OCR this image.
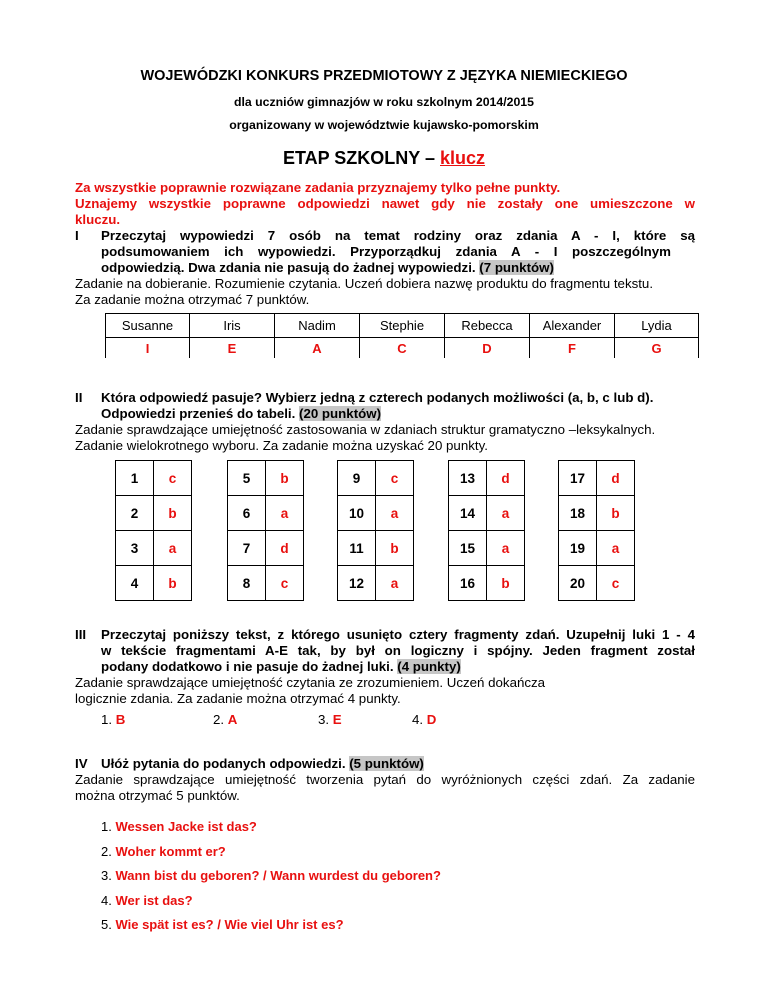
WOJEWÓDZKI KONKURS PRZEDMIOTOWY Z JĘZYKA NIEMIECKIEGO
dla uczniów gimnazjów w roku szkolnym 2014/2015
organizowany w województwie kujawsko-pomorskim
ETAP SZKOLNY – klucz
Za wszystkie poprawnie rozwiązane zadania przyznajemy tylko pełne punkty.
Uznajemy wszystkie poprawne odpowiedzi nawet gdy nie zostały one umieszczone w
kluczu.
I Przeczytaj wypowiedzi 7 osób na temat rodziny oraz zdania A - I, które są
podsumowaniem ich wypowiedzi. Przyporządkuj zdania A - I poszczególnym
odpowiedzią. Dwa zdania nie pasują do żadnej wypowiedzi. (7 punktów)
Zadanie na dobieranie. Rozumienie czytania. Uczeń dobiera nazwę produktu do fragmentu tekstu.
Za zadanie można otrzymać 7 punktów.
Susanne	Iris	Nadim	Stephie	Rebecca	Alexander	Lydia
I	E	A	C	D	F	G
II Która odpowiedź pasuje? Wybierz jedną z czterech podanych możliwości (a, b, c lub d).
Odpowiedzi przenieś do tabeli. (20 punktów)
Zadanie sprawdzające umiejętność zastosowania w zdaniach struktur gramatyczno –leksykalnych.
Zadanie wielokrotnego wyboru. Za zadanie można uzyskać 20 punkty.
1	c
2	b
3	a
4	b
5	b
6	a
7	d
8	c
9	c
10	a
11	b
12	a
13	d
14	a
15	a
16	b
17	d
18	b
19	a
20	c
III Przeczytaj poniższy tekst, z którego usunięto cztery fragmenty zdań. Uzupełnij luki 1 - 4
w tekście fragmentami A-E tak, by był on logiczny i spójny. Jeden fragment został
podany dodatkowo i nie pasuje do żadnej luki. (4 punkty)
Zadanie sprawdzające umiejętność czytania ze zrozumieniem. Uczeń dokańcza
logicznie zdania. Za zadanie można otrzymać 4 punkty.
1. B	2. A	3. E	4. D
IV Ułóż pytania do podanych odpowiedzi. (5 punktów)
Zadanie sprawdzające umiejętność tworzenia pytań do wyróżnionych części zdań. Za zadanie
można otrzymać 5 punktów.
1. Wessen Jacke ist das?
2. Woher kommt er?
3. Wann bist du geboren? / Wann wurdest du geboren?
4. Wer ist das?
5. Wie spät ist es? / Wie viel Uhr ist es?
